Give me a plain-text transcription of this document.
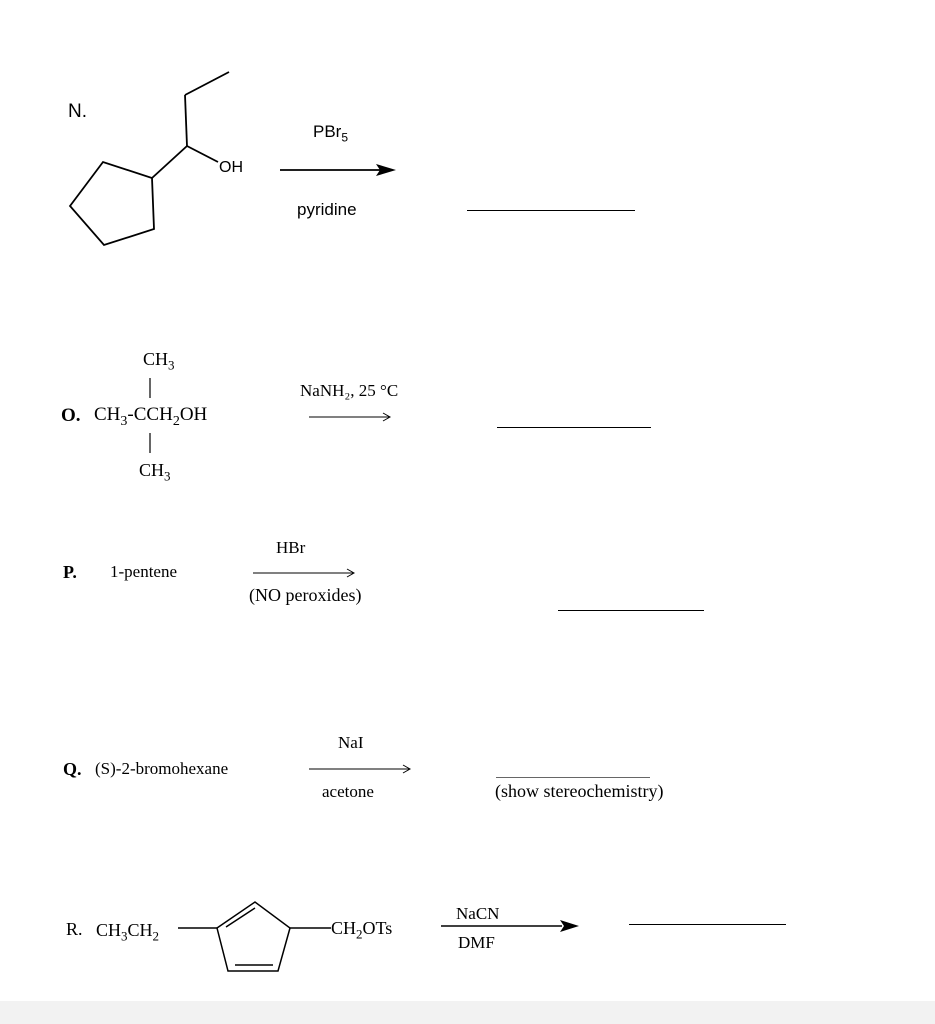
N.
OH
PBr$_5$
pyridine
$CH_3$
O. $CH_3-CCH_2OH$
$CH_3$
NaNH₂, 25 °C
P. 1-pentene
HBr
(NO peroxides)
Q. (S)-2-bromohexane
NaI
acetone	(show stereochemistry)
R. $CH_3CH_2$	$CH_2OTs$
NaCN
DMF
